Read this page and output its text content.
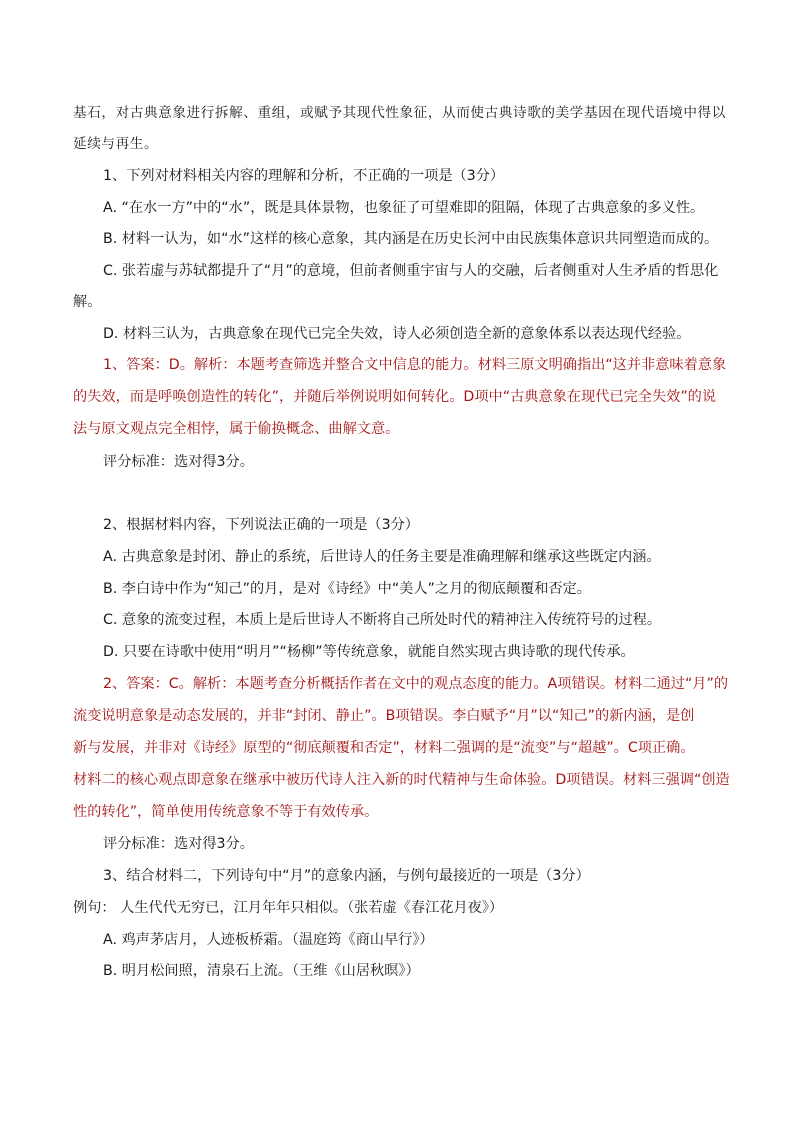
基石，对古典意象进行拆解、重组，或赋予其现代性象征，从而使古典诗歌的美学基因在现代语境中得以
延续与再生。
1、下列对材料相关内容的理解和分析，不正确的一项是（3分）
A. “在水一方”中的“水”，既是具体景物，也象征了可望难即的阻隔，体现了古典意象的多义性。
B. 材料一认为，如“水”这样的核心意象，其内涵是在历史长河中由民族集体意识共同塑造而成的。
C. 张若虚与苏轼都提升了“月”的意境，但前者侧重宇宙与人的交融，后者侧重对人生矛盾的哲思化
解。
D. 材料三认为，古典意象在现代已完全失效，诗人必须创造全新的意象体系以表达现代经验。
1、答案：D。解析：本题考查筛选并整合文中信息的能力。材料三原文明确指出“这并非意味着意象
的失效，而是呼唤创造性的转化”，并随后举例说明如何转化。D项中“古典意象在现代已完全失效”的说
法与原文观点完全相悖，属于偷换概念、曲解文意。
评分标准：选对得3分。
2、根据材料内容，下列说法正确的一项是（3分）
A. 古典意象是封闭、静止的系统，后世诗人的任务主要是准确理解和继承这些既定内涵。
B. 李白诗中作为“知己”的月，是对《诗经》中“美人”之月的彻底颠覆和否定。
C. 意象的流变过程，本质上是后世诗人不断将自己所处时代的精神注入传统符号的过程。
D. 只要在诗歌中使用“明月”“杨柳”等传统意象，就能自然实现古典诗歌的现代传承。
2、答案：C。解析：本题考查分析概括作者在文中的观点态度的能力。A项错误。材料二通过“月”的
流变说明意象是动态发展的，并非“封闭、静止”。B项错误。李白赋予“月”以“知己”的新内涵，是创
新与发展，并非对《诗经》原型的“彻底颠覆和否定”，材料二强调的是“流变”与“超越”。C项正确。
材料二的核心观点即意象在继承中被历代诗人注入新的时代精神与生命体验。D项错误。材料三强调“创造
性的转化”，简单使用传统意象不等于有效传承。
评分标准：选对得3分。
3、结合材料二，下列诗句中“月”的意象内涵，与例句最接近的一项是（3分）
例句： 人生代代无穷已，江月年年只相似。（张若虚《春江花月夜》）
A. 鸡声茅店月，人迹板桥霜。（温庭筠《商山早行》）
B. 明月松间照，清泉石上流。（王维《山居秋暝》）
